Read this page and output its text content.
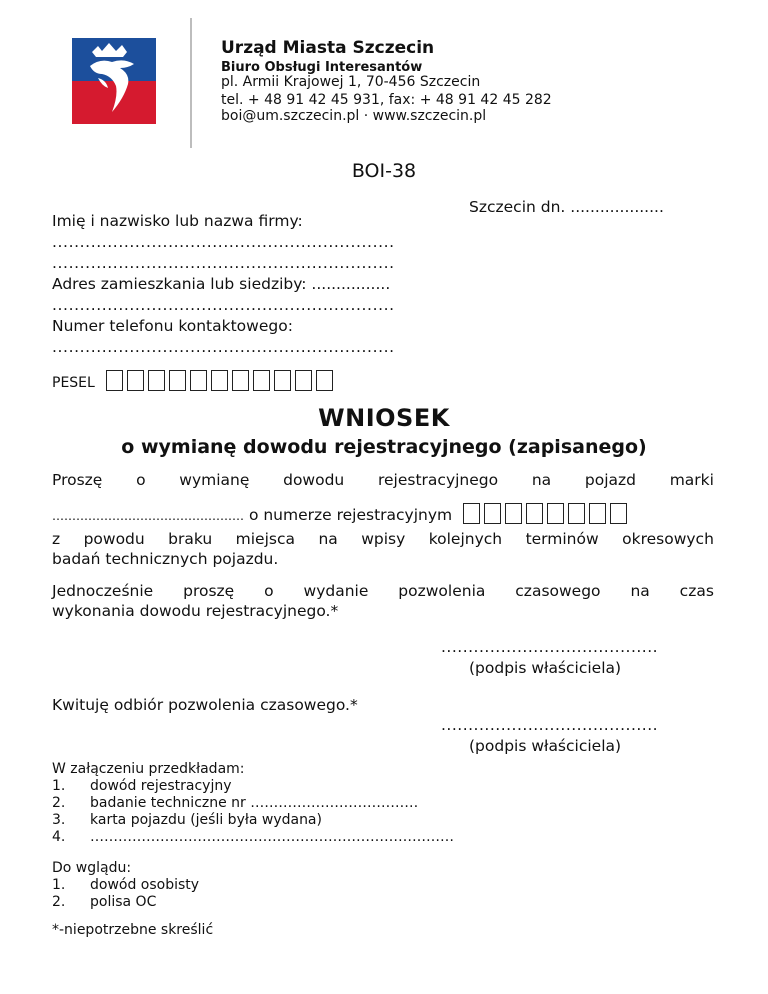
Urząd Miasta Szczecin
Biuro Obsługi Interesantów
pl. Armii Krajowej 1, 70-456 Szczecin
tel. + 48 91 42 45 931, fax: + 48 91 42 45 282
boi@um.szczecin.pl · www.szczecin.pl
BOI-38
Szczecin dn. ...................
Imię i nazwisko lub nazwa firmy:
..............................................................
..............................................................
Adres zamieszkania lub siedziby: ................
..............................................................
Numer telefonu kontaktowego:
..............................................................
PESEL
WNIOSEK
o wymianę dowodu rejestracyjnego (zapisanego)
Proszę o wymianę dowodu rejestracyjnego na pojazd marki
………………………………………… o numerze rejestracyjnym
z powodu braku miejsca na wpisy kolejnych terminów okresowych
badań technicznych pojazdu.
Jednocześnie proszę o wydanie pozwolenia czasowego na czas
wykonania dowodu rejestracyjnego.*
........................................
(podpis właściciela)
Kwituję odbiór pozwolenia czasowego.*
........................................
(podpis właściciela)
W załączeniu przedkładam:
1. dowód rejestracyjny
2. badanie techniczne nr ………………………………
3. karta pojazdu (jeśli była wydana)
4. ……………………………………………………………………
Do wglądu:
1. dowód osobisty
2. polisa OC
*-niepotrzebne skreślić
